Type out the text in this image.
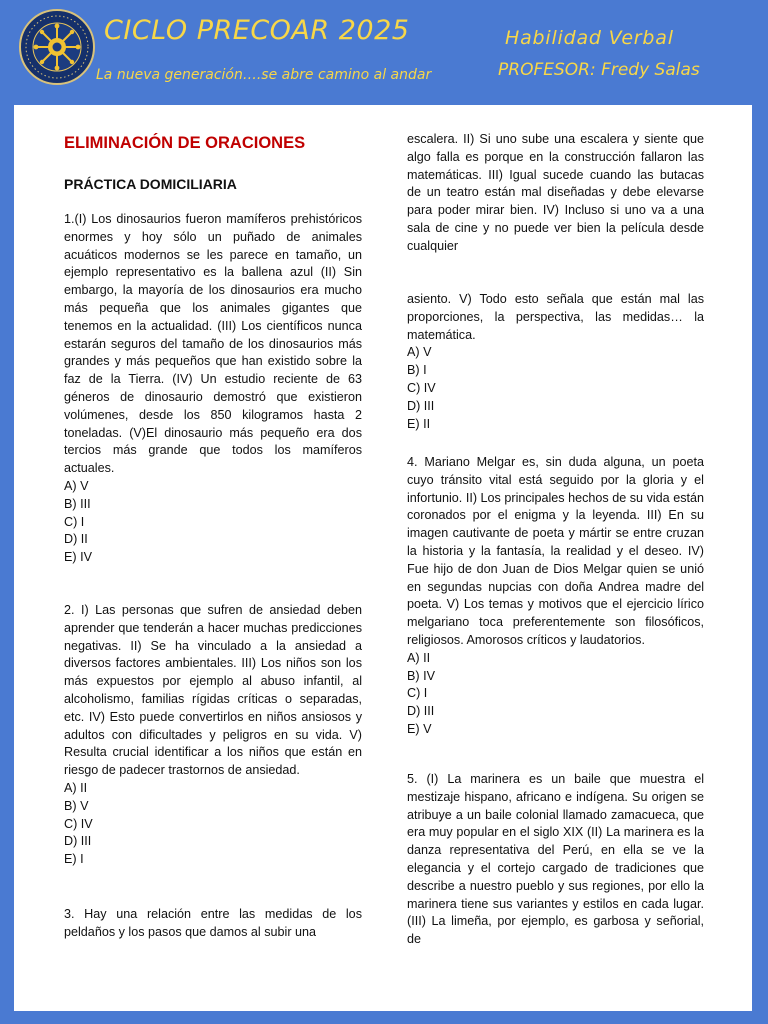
CICLO PRECOAR 2025	Habilidad Verbal
La nueva generación….se abre camino al andar	PROFESOR: Fredy Salas
ELIMINACIÓN DE ORACIONES
PRÁCTICA DOMICILIARIA

1.(I) Los dinosaurios fueron mamíferos prehistóricos enormes y hoy sólo un puñado de animales acuáticos modernos se les parece en tamaño, un ejemplo representativo es la ballena azul (II) Sin embargo, la mayoría de los dinosaurios era mucho más pequeña que los animales gigantes que tenemos en la actualidad. (III) Los científicos nunca estarán seguros del tamaño de los dinosaurios más grandes y más pequeños que han existido sobre la faz de la Tierra. (IV) Un estudio reciente de 63 géneros de dinosaurio demostró que existieron volúmenes, desde los 850 kilogramos hasta 2 toneladas. (V)El dinosaurio más pequeño era dos tercios más grande que todos los mamíferos actuales.

A) V
B) III
C) I
D) II
E) IV

2. I) Las personas que sufren de ansiedad deben aprender que tenderán a hacer muchas predicciones negativas. II) Se ha vinculado a la ansiedad a diversos factores ambientales. III) Los niños son los más expuestos por ejemplo al abuso infantil, al alcoholismo, familias rígidas críticas o separadas, etc. IV) Esto puede convertirlos en niños ansiosos y adultos con dificultades y peligros en su vida. V) Resulta crucial identificar a los niños que están en riesgo de padecer trastornos de ansiedad.

A) II
B) V
C) IV
D) III
E) I

3. Hay una relación entre las medidas de los peldaños y los pasos que damos al subir una

escalera. II) Si uno sube una escalera y siente que algo falla es porque en la construcción fallaron las matemáticas. III) Igual sucede cuando las butacas de un teatro están mal diseñadas y debe elevarse para poder mirar bien. IV) Incluso si uno va a una sala de cine y no puede ver bien la película desde cualquier

asiento. V) Todo esto señala que están mal las proporciones, la perspectiva, las medidas… la matemática.

A) V
B) I
C) IV
D) III
E) II

4. Mariano Melgar es, sin duda alguna, un poeta cuyo tránsito vital está seguido por la gloria y el infortunio. II) Los principales hechos de su vida están coronados por el enigma y la leyenda. III) En su imagen cautivante de poeta y mártir se entre cruzan la historia y la fantasía, la realidad y el deseo. IV) Fue hijo de don Juan de Dios Melgar quien se unió en segundas nupcias con doña Andrea madre del poeta. V) Los temas y motivos que el ejercicio lírico melgariano toca preferentemente son filosóficos, religiosos. Amorosos críticos y laudatorios.

A) II
B) IV
C) I
D) III
E) V

5. (I) La marinera es un baile que muestra el mestizaje hispano, africano e indígena. Su origen se atribuye a un baile colonial llamado zamacueca, que era muy popular en el siglo XIX (II) La marinera es la danza representativa del Perú, en ella se ve la elegancia y el cortejo cargado de tradiciones que describe a nuestro pueblo y sus regiones, por ello la marinera tiene sus variantes y estilos en cada lugar. (III) La limeña, por ejemplo, es garbosa y señorial, de
